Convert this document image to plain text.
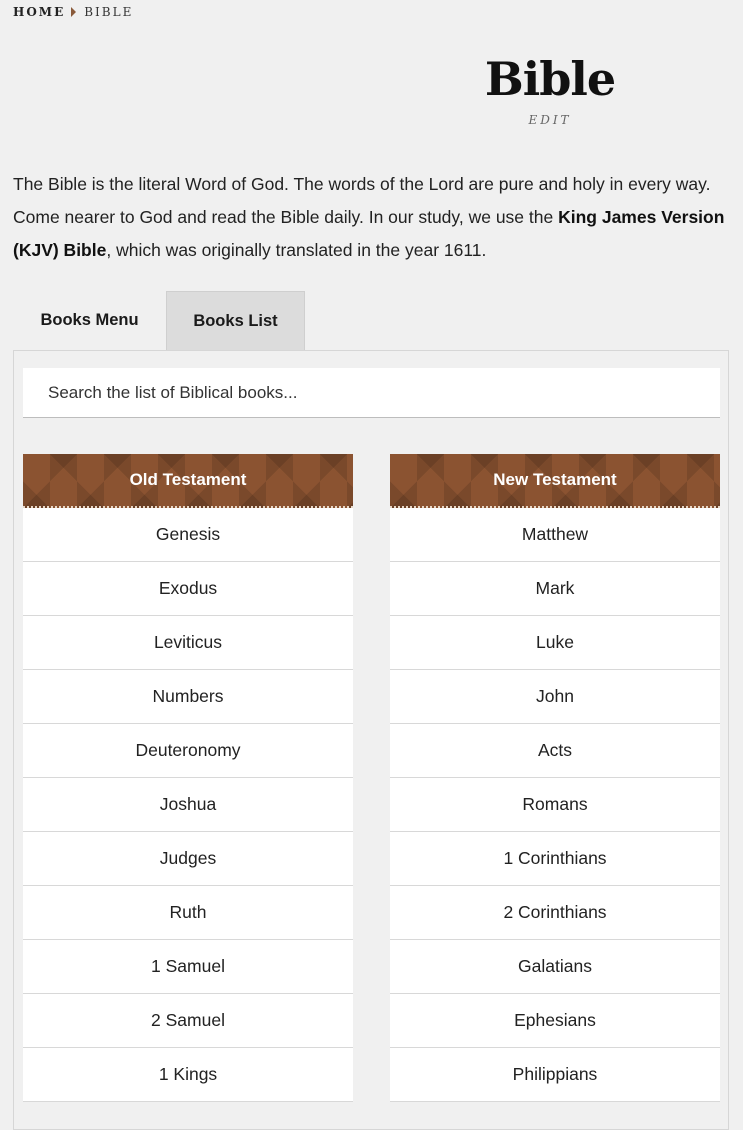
HOME BIBLE
Bible
EDIT

The Bible is the literal Word of God. The words of the Lord are pure and holy in every way. Come nearer to God and read the Bible daily. In our study, we use the King James Version (KJV) Bible, which was originally translated in the year 1611.

Books Menu	Books List
Search the list of Biblical books...
Old Testament
Genesis
Exodus
Leviticus
Numbers
Deuteronomy
Joshua
Judges
Ruth
1 Samuel
2 Samuel
1 Kings
New Testament
Matthew
Mark
Luke
John
Acts
Romans
1 Corinthians
2 Corinthians
Galatians
Ephesians
Philippians
